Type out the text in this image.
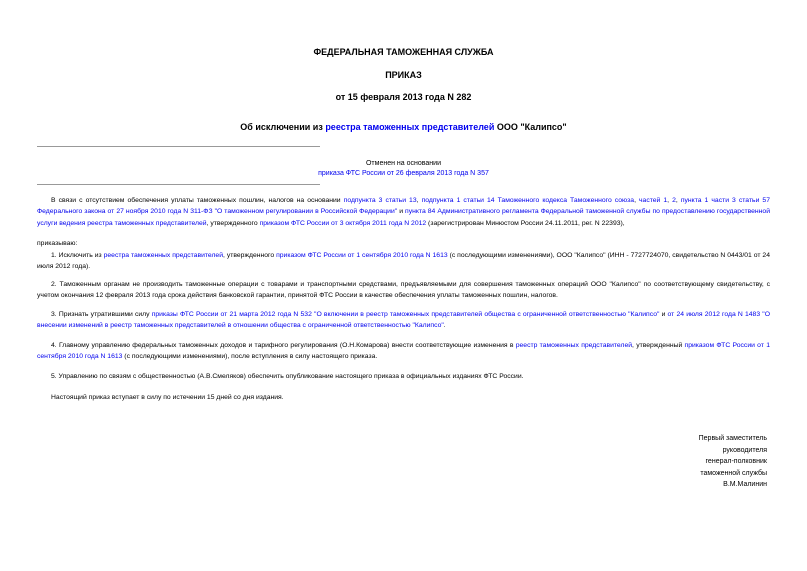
ФЕДЕРАЛЬНАЯ ТАМОЖЕННАЯ СЛУЖБА
ПРИКАЗ
от 15 февраля 2013 года N 282
Об исключении из реестра таможенных представителей ООО "Калипсо"
Отменен на основании
приказа ФТС России от 26 февраля 2013 года N 357
В связи с отсутствием обеспечения уплаты таможенных пошлин, налогов на основании подпункта 3 статьи 13, подпункта 1 статьи 14 Таможенного кодекса Таможенного союза, частей 1, 2, пункта 1 части 3 статьи 57 Федерального закона от 27 ноября 2010 года N 311-ФЗ "О таможенном регулировании в Российской Федерации" и пункта 84 Административного регламента Федеральной таможенной службы по предоставлению государственной услуги ведения реестра таможенных представителей, утвержденного приказом ФТС России от 3 октября 2011 года N 2012 (зарегистрирован Минюстом России 24.11.2011, рег. N 22393),
приказываю:
1. Исключить из реестра таможенных представителей, утвержденного приказом ФТС России от 1 сентября 2010 года N 1613 (с последующими изменениями), ООО "Калипсо" (ИНН - 7727724070, свидетельство N 0443/01 от 24 июля 2012 года).
2. Таможенным органам не производить таможенные операции с товарами и транспортными средствами, предъявляемыми для совершения таможенных операций ООО "Калипсо" по соответствующему свидетельству, с учетом окончания 12 февраля 2013 года срока действия банковской гарантии, принятой ФТС России в качестве обеспечения уплаты таможенных пошлин, налогов.
3. Признать утратившими силу приказы ФТС России от 21 марта 2012 года N 532 "О включении в реестр таможенных представителей общества с ограниченной ответственностью "Калипсо" и от 24 июля 2012 года N 1483 "О внесении изменений в реестр таможенных представителей в отношении общества с ограниченной ответственностью "Калипсо".
4. Главному управлению федеральных таможенных доходов и тарифного регулирования (О.Н.Комарова) внести соответствующие изменения в реестр таможенных представителей, утвержденный приказом ФТС России от 1 сентября 2010 года N 1613 (с последующими изменениями), после вступления в силу настоящего приказа.
5. Управлению по связям с общественностью (А.В.Смеляков) обеспечить опубликование настоящего приказа в официальных изданиях ФТС России.
Настоящий приказ вступает в силу по истечении 15 дней со дня издания.
Первый заместитель
руководителя
генерал-полковник
таможенной службы
В.М.Малинин
